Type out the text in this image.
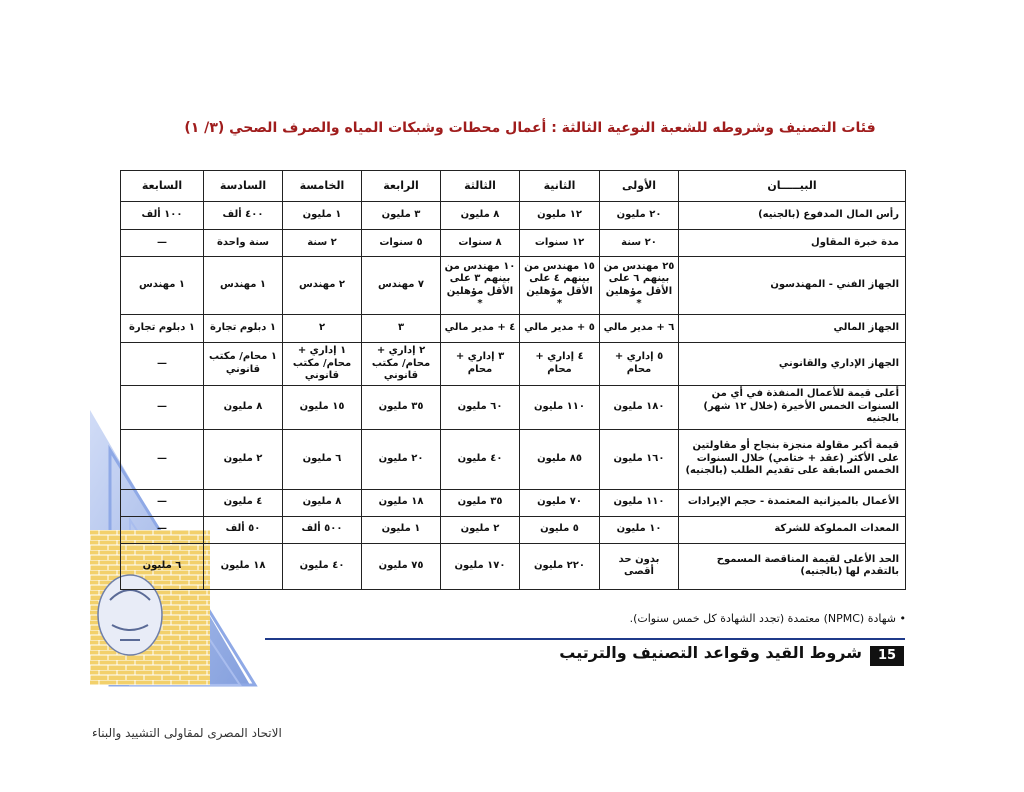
فئات التصنيف وشروطه للشعبة النوعية الثالثة : أعمال محطات وشبكات المياه والصرف الصحي (٣/ ١)
البيـــــان	الأولى	الثانية	الثالثة	الرابعة	الخامسة	السادسة	السابعة
رأس المال المدفوع (بالجنيه)	٢٠ مليون	١٢ مليون	٨ مليون	٣ مليون	١ مليون	٤٠٠ ألف	١٠٠ ألف
مدة خبرة المقاول	٢٠ سنة	١٢ سنوات	٨ سنوات	٥ سنوات	٢ سنة	سنة واحدة	—
الجهاز الفني - المهندسون	٢٥ مهندس من بينهم ٦ على الأقل مؤهلين *	١٥ مهندس من بينهم ٤ على الأقل مؤهلين *	١٠ مهندس من بينهم ٣ على الأقل مؤهلين *	٧ مهندس	٢ مهندس	١ مهندس	١ مهندس
الجهاز المالي	٦ + مدير مالي	٥ + مدير مالي	٤ + مدير مالي	٣	٢	١ دبلوم تجارة	١ دبلوم تجارة
الجهاز الإداري والقانوني	٥ إداري + محام	٤ إداري + محام	٣ إداري + محام	٢ إداري + محام/ مكتب قانوني	١ إداري + محام/ مكتب قانوني	١ محام/ مكتب قانوني	—
أعلى قيمة للأعمال المنفذة في أي من السنوات الخمس الأخيرة (خلال ١٢ شهر) بالجنيه	١٨٠ مليون	١١٠ مليون	٦٠ مليون	٣٥ مليون	١٥ مليون	٨ مليون	—
قيمة أكبر مقاولة منجزة بنجاح أو مقاولتين على الأكثر (عقد + ختامي) خلال السنوات الخمس السابقة على تقديم الطلب (بالجنيه)	١٦٠ مليون	٨٥ مليون	٤٠ مليون	٢٠ مليون	٦ مليون	٢ مليون	—
الأعمال بالميزانية المعتمدة - حجم الإيرادات	١١٠ مليون	٧٠ مليون	٣٥ مليون	١٨ مليون	٨ مليون	٤ مليون	—
المعدات المملوكة للشركة	١٠ مليون	٥ مليون	٢ مليون	١ مليون	٥٠٠ ألف	٥٠ ألف	—
الحد الأعلى لقيمة المناقصة المسموح بالتقدم لها (بالجنيه)	بدون حد أقصى	٢٢٠ مليون	١٧٠ مليون	٧٥ مليون	٤٠ مليون	١٨ مليون	٦ مليون
• شهادة (NPMC) معتمدة (تجدد الشهادة كل خمس سنوات).
15
شروط القيد وقواعد التصنيف والترتيب
الاتحاد المصرى لمقاولى التشييد والبناء
